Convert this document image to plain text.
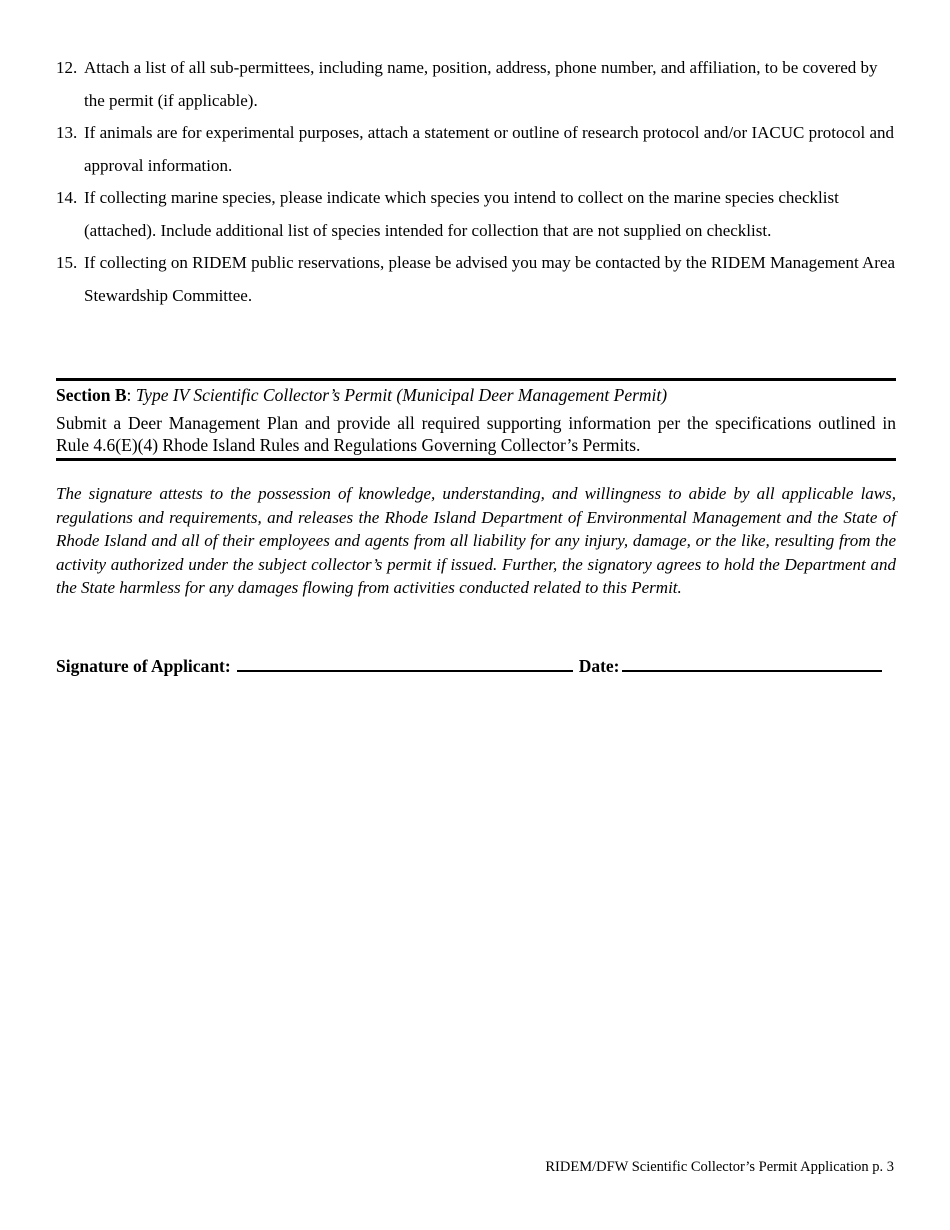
12. Attach a list of all sub-permittees, including name, position, address, phone number, and affiliation, to be covered by the permit (if applicable).
13. If animals are for experimental purposes, attach a statement or outline of research protocol and/or IACUC protocol and approval information.
14. If collecting marine species, please indicate which species you intend to collect on the marine species checklist (attached). Include additional list of species intended for collection that are not supplied on checklist.
15. If collecting on RIDEM public reservations, please be advised you may be contacted by the RIDEM Management Area Stewardship Committee.

Section B: Type IV Scientific Collector’s Permit (Municipal Deer Management Permit)

Submit a Deer Management Plan and provide all required supporting information per the specifications outlined in Rule 4.6(E)(4) Rhode Island Rules and Regulations Governing Collector’s Permits.

The signature attests to the possession of knowledge, understanding, and willingness to abide by all applicable laws, regulations and requirements, and releases the Rhode Island Department of Environmental Management and the State of Rhode Island and all of their employees and agents from all liability for any injury, damage, or the like, resulting from the activity authorized under the subject collector’s permit if issued. Further, the signatory agrees to hold the Department and the State harmless for any damages flowing from activities conducted related to this Permit.

Signature of Applicant:	Date:
RIDEM/DFW Scientific Collector’s Permit Application p. 3
